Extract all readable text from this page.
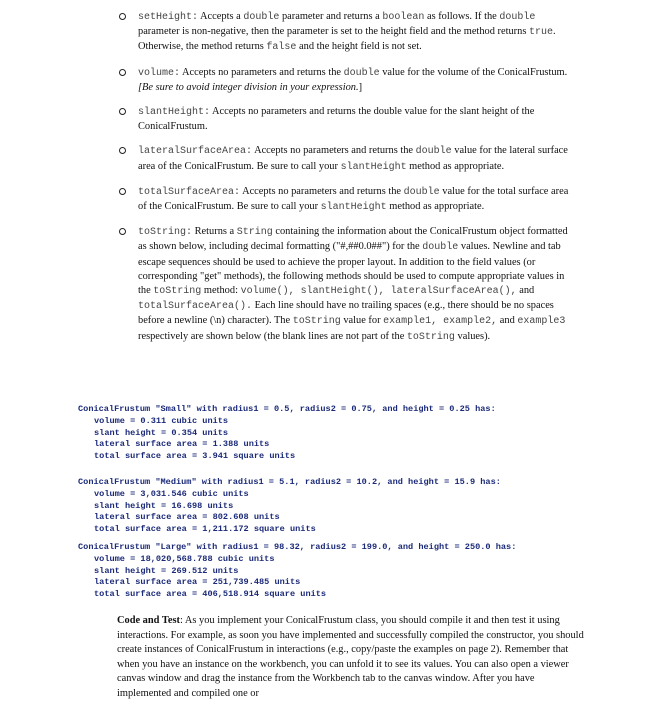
setHeight: Accepts a double parameter and returns a boolean as follows. If the double parameter is non-negative, then the parameter is set to the height field and the method returns true. Otherwise, the method returns false and the height field is not set.
volume: Accepts no parameters and returns the double value for the volume of the ConicalFrustum. [Be sure to avoid integer division in your expression.]
slantHeight: Accepts no parameters and returns the double value for the slant height of the ConicalFrustum.
lateralSurfaceArea: Accepts no parameters and returns the double value for the lateral surface area of the ConicalFrustum. Be sure to call your slantHeight method as appropriate.
totalSurfaceArea: Accepts no parameters and returns the double value for the total surface area of the ConicalFrustum. Be sure to call your slantHeight method as appropriate.
toString: Returns a String containing the information about the ConicalFrustum object formatted as shown below, including decimal formatting ("#,##0.0##") for the double values. Newline and tab escape sequences should be used to achieve the proper layout. In addition to the field values (or corresponding "get" methods), the following methods should be used to compute appropriate values in the toString method: volume(), slantHeight(), lateralSurfaceArea(), and totalSurfaceArea(). Each line should have no trailing spaces (e.g., there should be no spaces before a newline (\n) character). The toString value for example1, example2, and example3 respectively are shown below (the blank lines are not part of the toString values).
ConicalFrustum "Small" with radius1 = 0.5, radius2 = 0.75, and height = 0.25 has:
volume = 0.311 cubic units
slant height = 0.354 units
lateral surface area = 1.388 units
total surface area = 3.941 square units
ConicalFrustum "Medium" with radius1 = 5.1, radius2 = 10.2, and height = 15.9 has:
volume = 3,031.546 cubic units
slant height = 16.698 units
lateral surface area = 802.608 units
total surface area = 1,211.172 square units
ConicalFrustum "Large" with radius1 = 98.32, radius2 = 199.0, and height = 250.0 has:
volume = 18,020,568.788 cubic units
slant height = 269.512 units
lateral surface area = 251,739.485 units
total surface area = 406,518.914 square units
Code and Test: As you implement your ConicalFrustum class, you should compile it and then test it using interactions. For example, as soon you have implemented and successfully compiled the constructor, you should create instances of ConicalFrustum in interactions (e.g., copy/paste the examples on page 2). Remember that when you have an instance on the workbench, you can unfold it to see its values. You can also open a viewer canvas window and drag the instance from the Workbench tab to the canvas window. After you have implemented and compiled one or
